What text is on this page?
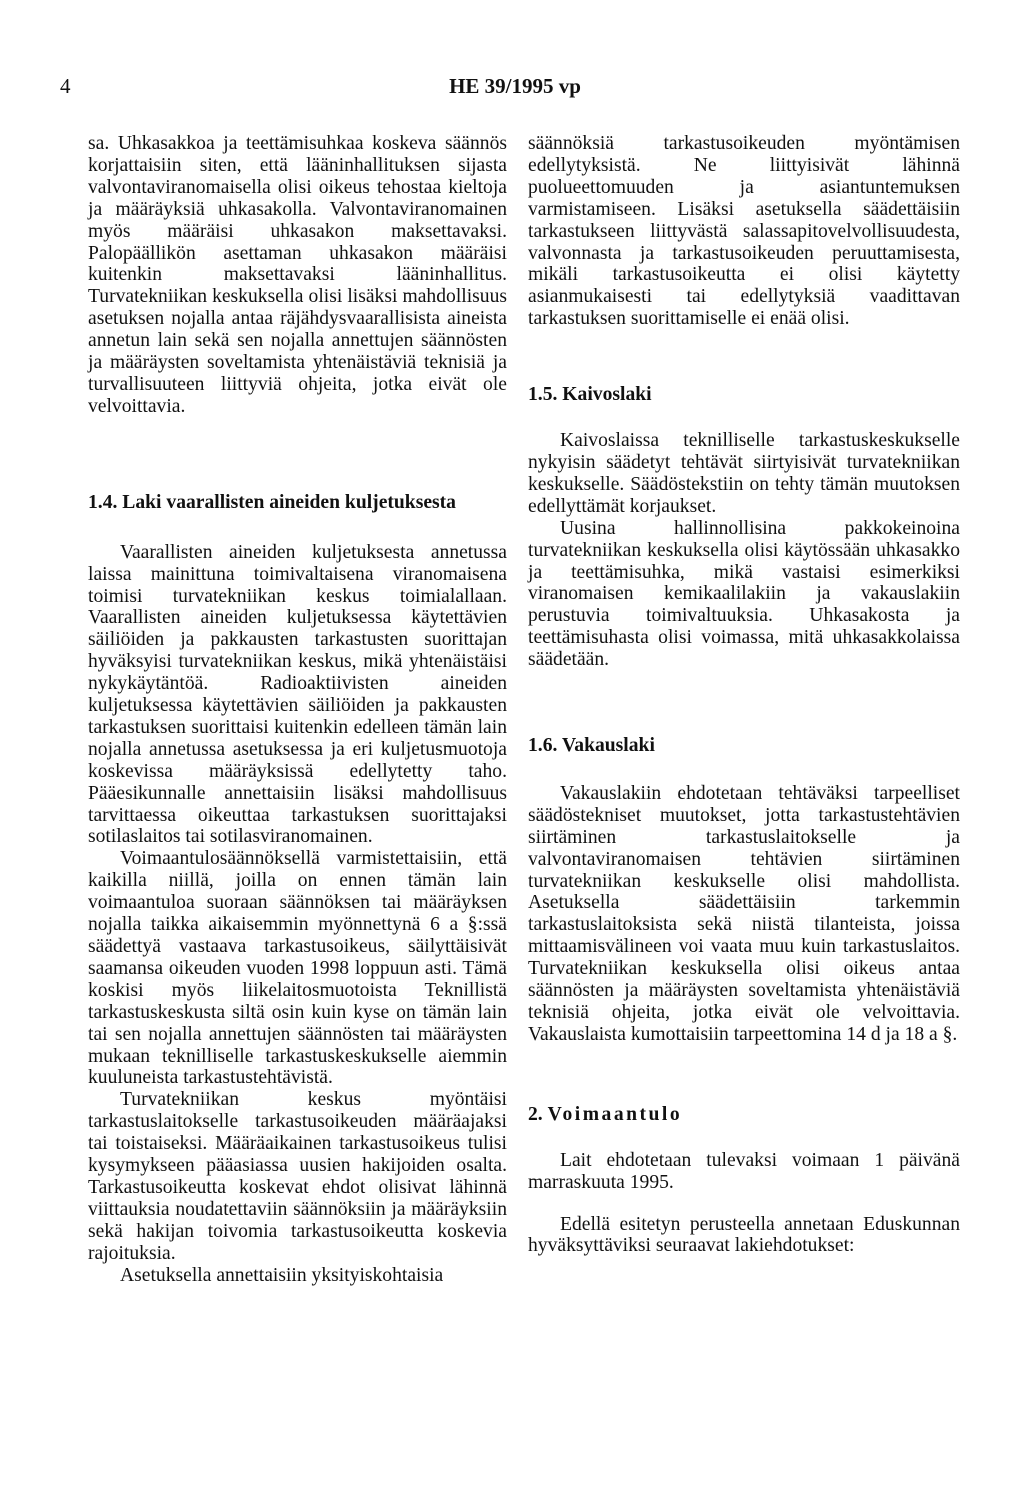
4	HE 39/1995 vp

sa. Uhkasakkoa ja teettämisuhkaa koskeva säännös korjattaisiin siten, että lääninhallituksen sijasta valvontaviranomaisella olisi oikeus tehostaa kieltoja ja määräyksiä uhkasakolla. Valvontaviranomainen myös määräisi uhkasakon maksettavaksi. Palopäällikön asettaman uhkasakon määräisi kuitenkin maksettavaksi lääninhallitus. Turvatekniikan keskuksella olisi lisäksi mahdollisuus asetuksen nojalla antaa räjähdysvaarallisista aineista annetun lain sekä sen nojalla annettujen säännösten ja määräysten soveltamista yhtenäistäviä teknisiä ja turvallisuuteen liittyviä ohjeita, jotka eivät ole velvoittavia.

1.4. Laki vaarallisten aineiden kuljetuksesta

Vaarallisten aineiden kuljetuksesta annetussa laissa mainittuna toimivaltaisena viranomaisena toimisi turvatekniikan keskus toimialallaan. Vaarallisten aineiden kuljetuksessa käytettävien säiliöiden ja pakkausten tarkastusten suorittajan hyväksyisi turvatekniikan keskus, mikä yhtenäistäisi nykykäytäntöä. Radioaktiivisten aineiden kuljetuksessa käytettävien säiliöiden ja pakkausten tarkastuksen suorittaisi kuitenkin edelleen tämän lain nojalla annetussa asetuksessa ja eri kuljetusmuotoja koskevissa määräyksissä edellytetty taho. Pääesikunnalle annettaisiin lisäksi mahdollisuus tarvittaessa oikeuttaa tarkastuksen suorittajaksi sotilaslaitos tai sotilasviranomainen.

Voimaantulosäännöksellä varmistettaisiin, että kaikilla niillä, joilla on ennen tämän lain voimaantuloa suoraan säännöksen tai määräyksen nojalla taikka aikaisemmin myönnettynä 6 a §:ssä säädettyä vastaava tarkastusoikeus, säilyttäisivät saamansa oikeuden vuoden 1998 loppuun asti. Tämä koskisi myös liikelaitosmuotoista Teknillistä tarkastuskeskusta siltä osin kuin kyse on tämän lain tai sen nojalla annettujen säännösten tai määräysten mukaan teknilliselle tarkastuskeskukselle aiemmin kuuluneista tarkastustehtävistä.

Turvatekniikan keskus myöntäisi tarkastuslaitokselle tarkastusoikeuden määräajaksi tai toistaiseksi. Määräaikainen tarkastusoikeus tulisi kysymykseen pääasiassa uusien hakijoiden osalta. Tarkastusoikeutta koskevat ehdot olisivat lähinnä viittauksia noudatettaviin säännöksiin ja määräyksiin sekä hakijan toivomia tarkastusoikeutta koskevia rajoituksia.

Asetuksella annettaisiin yksityiskohtaisia

säännöksiä tarkastusoikeuden myöntämisen edellytyksistä. Ne liittyisivät lähinnä puolueettomuuden ja asiantuntemuksen varmistamiseen. Lisäksi asetuksella säädettäisiin tarkastukseen liittyvästä salassapitovelvollisuudesta, valvonnasta ja tarkastusoikeuden peruuttamisesta, mikäli tarkastusoikeutta ei olisi käytetty asianmukaisesti tai edellytyksiä vaadittavan tarkastuksen suorittamiselle ei enää olisi.

1.5. Kaivoslaki

Kaivoslaissa teknilliselle tarkastuskeskukselle nykyisin säädetyt tehtävät siirtyisivät turvatekniikan keskukselle. Säädöstekstiin on tehty tämän muutoksen edellyttämät korjaukset.

Uusina hallinnollisina pakkokeinoina turvatekniikan keskuksella olisi käytössään uhkasakko ja teettämisuhka, mikä vastaisi esimerkiksi viranomaisen kemikaalilakiin ja vakauslakiin perustuvia toimivaltuuksia. Uhkasakosta ja teettämisuhasta olisi voimassa, mitä uhkasakkolaissa säädetään.

1.6. Vakauslaki

Vakauslakiin ehdotetaan tehtäväksi tarpeelliset säädöstekniset muutokset, jotta tarkastustehtävien siirtäminen tarkastuslaitokselle ja valvontaviranomaisen tehtävien siirtäminen turvatekniikan keskukselle olisi mahdollista. Asetuksella säädettäisiin tarkemmin tarkastuslaitoksista sekä niistä tilanteista, joissa mittaamisvälineen voi vaata muu kuin tarkastuslaitos. Turvatekniikan keskuksella olisi oikeus antaa säännösten ja määräysten soveltamista yhtenäistäviä teknisiä ohjeita, jotka eivät ole velvoittavia. Vakauslaista kumottaisiin tarpeettomina 14 d ja 18 a §.

2. Voimaantulo

Lait ehdotetaan tulevaksi voimaan 1 päivänä marraskuuta 1995.

Edellä esitetyn perusteella annetaan Eduskunnan hyväksyttäviksi seuraavat lakiehdotukset:
